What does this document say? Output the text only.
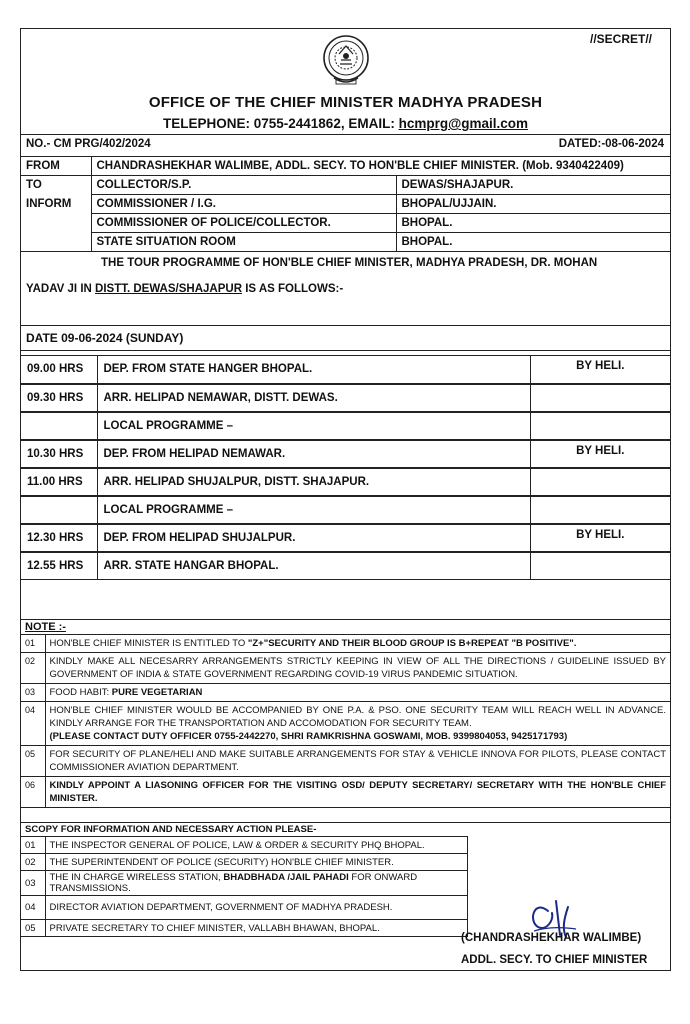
//SECRET//
OFFICE OF THE CHIEF MINISTER MADHYA PRADESH
TELEPHONE: 0755-2441862, EMAIL: hcmprg@gmail.com
NO.- CM PRG/402/2024	DATED:-08-06-2024
FROM	CHANDRASHEKHAR WALIMBE, ADDL. SECY. TO HON'BLE CHIEF MINISTER. (Mob. 9340422409)	
TO	COLLECTOR/S.P.	DEWAS/SHAJAPUR.
INFORM	COMMISSIONER / I.G.	BHOPAL/UJJAIN.
	COMMISSIONER OF POLICE/COLLECTOR.	BHOPAL.
	STATE SITUATION ROOM	BHOPAL.
THE TOUR PROGRAMME OF HON'BLE CHIEF MINISTER, MADHYA PRADESH, DR. MOHAN
YADAV JI IN DISTT. DEWAS/SHAJAPUR IS AS FOLLOWS:-
DATE 09-06-2024 (SUNDAY)
09.00 HRS	DEP. FROM STATE HANGER BHOPAL.	BY HELI.
09.30 HRS	ARR. HELIPAD NEMAWAR, DISTT. DEWAS.	
	LOCAL PROGRAMME –	
10.30 HRS	DEP. FROM HELIPAD NEMAWAR.	BY HELI.
11.00 HRS	ARR. HELIPAD SHUJALPUR, DISTT. SHAJAPUR.	
	LOCAL PROGRAMME –	
12.30 HRS	DEP. FROM HELIPAD SHUJALPUR.	BY HELI.
12.55 HRS	ARR. STATE HANGAR BHOPAL.	
NOTE :-
01	HON'BLE CHIEF MINISTER IS ENTITLED TO "Z+"SECURITY AND THEIR BLOOD GROUP IS B+REPEAT "B POSITIVE".
02	KINDLY MAKE ALL NECESARRY ARRANGEMENTS STRICTLY KEEPING IN VIEW OF ALL THE DIRECTIONS / GUIDELINE ISSUED BY GOVERNMENT OF INDIA & STATE GOVERNMENT REGARDING COVID-19 VIRUS PANDEMIC SITUATION.
03	FOOD HABIT: PURE VEGETARIAN
04	HON'BLE CHIEF MINISTER WOULD BE ACCOMPANIED BY ONE P.A. & PSO. ONE SECURITY TEAM WILL REACH WELL IN ADVANCE. KINDLY ARRANGE FOR THE TRANSPORTATION AND ACCOMODATION FOR SECURITY TEAM.
(PLEASE CONTACT DUTY OFFICER 0755-2442270, SHRI RAMKRISHNA GOSWAMI, MOB. 9399804053, 9425171793)
05	FOR SECURITY OF PLANE/HELI AND MAKE SUITABLE ARRANGEMENTS FOR STAY & VEHICLE INNOVA FOR PILOTS, PLEASE CONTACT COMMISSIONER AVIATION DEPARTMENT.
06	KINDLY APPOINT A LIASONING OFFICER FOR THE VISITING OSD/ DEPUTY SECRETARY/ SECRETARY WITH THE HON'BLE CHIEF MINISTER.
SCOPY FOR INFORMATION AND NECESSARY ACTION PLEASE-
01	THE INSPECTOR GENERAL OF POLICE, LAW & ORDER & SECURITY PHQ BHOPAL.
02	THE SUPERINTENDENT OF POLICE (SECURITY) HON'BLE CHIEF MINISTER.
03	THE IN CHARGE WIRELESS STATION, BHADBHADA /JAIL PAHADI FOR ONWARD TRANSMISSIONS.
04	DIRECTOR AVIATION DEPARTMENT, GOVERNMENT OF MADHYA PRADESH.
05	PRIVATE SECRETARY TO CHIEF MINISTER, VALLABH BHAWAN, BHOPAL.
(CHANDRASHEKHAR WALIMBE)
ADDL. SECY. TO CHIEF MINISTER
